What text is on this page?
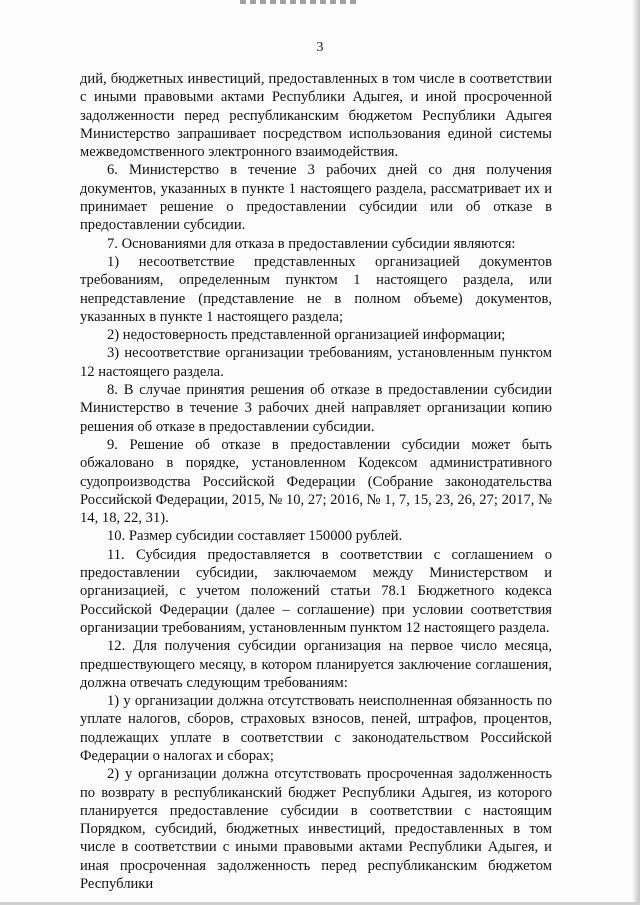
3

дий, бюджетных инвестиций, предоставленных в том числе в соответствии с иными правовыми актами Республики Адыгея, и иной просроченной задолженности перед республиканским бюджетом Республики Адыгея Министерство запрашивает посредством использования единой системы межведомственного электронного взаимодействия.

6. Министерство в течение 3 рабочих дней со дня получения документов, указанных в пункте 1 настоящего раздела, рассматривает их и принимает решение о предоставлении субсидии или об отказе в предоставлении субсидии.

7. Основаниями для отказа в предоставлении субсидии являются:

1) несоответствие представленных организацией документов требованиям, определенным пунктом 1 настоящего раздела, или непредставление (представление не в полном объеме) документов, указанных в пункте 1 настоящего раздела;

2) недостоверность представленной организацией информации;

3) несоответствие организации требованиям, установленным пунктом 12 настоящего раздела.

8. В случае принятия решения об отказе в предоставлении субсидии Министерство в течение 3 рабочих дней направляет организации копию решения об отказе в предоставлении субсидии.

9. Решение об отказе в предоставлении субсидии может быть обжаловано в порядке, установленном Кодексом административного судопроизводства Российской Федерации (Собрание законодательства Российской Федерации, 2015, № 10, 27; 2016, № 1, 7, 15, 23, 26, 27; 2017, № 14, 18, 22, 31).

10. Размер субсидии составляет 150000 рублей.

11. Субсидия предоставляется в соответствии с соглашением о предоставлении субсидии, заключаемом между Министерством и организацией, с учетом положений статьи 78.1 Бюджетного кодекса Российской Федерации (далее – соглашение) при условии соответствия организации требованиям, установленным пунктом 12 настоящего раздела.

12. Для получения субсидии организация на первое число месяца, предшествующего месяцу, в котором планируется заключение соглашения, должна отвечать следующим требованиям:

1) у организации должна отсутствовать неисполненная обязанность по уплате налогов, сборов, страховых взносов, пеней, штрафов, процентов, подлежащих уплате в соответствии с законодательством Российской Федерации о налогах и сборах;

2) у организации должна отсутствовать просроченная задолженность по возврату в республиканский бюджет Республики Адыгея, из которого планируется предоставление субсидии в соответствии с настоящим Порядком, субсидий, бюджетных инвестиций, предоставленных в том числе в соответствии с иными правовыми актами Республики Адыгея, и иная просроченная задолженность перед республиканским бюджетом Республики
